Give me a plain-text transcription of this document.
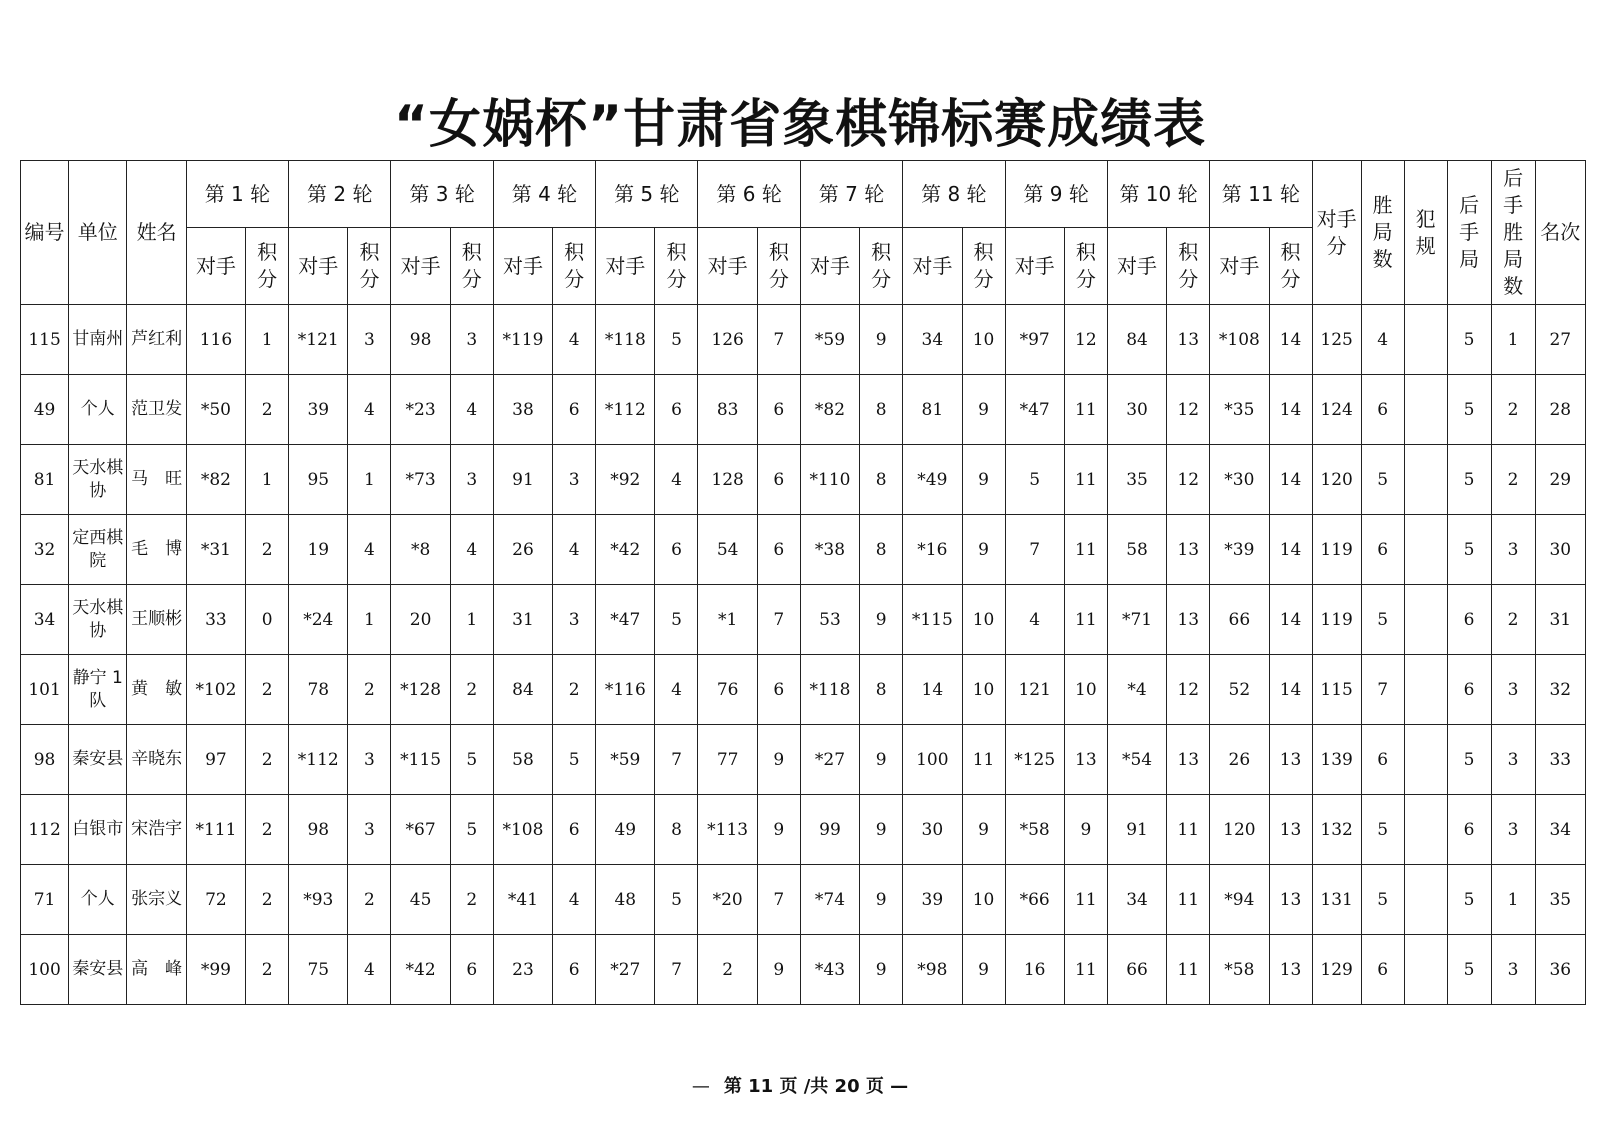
“女娲杯”甘肃省象棋锦标赛成绩表
编号	单位	姓名	第 1 轮		第 2 轮		第 3 轮		第 4 轮		第 5 轮		第 6 轮		第 7 轮		第 8 轮		第 9 轮		第 10 轮		第 11 轮		对手分	胜局数	犯规	后手局	后手胜局数	名次
			对手	积分	对手	积分	对手	积分	对手	积分	对手	积分	对手	积分	对手	积分	对手	积分	对手	积分	对手	积分	对手	积分						
115	甘南州	芦红利	116	1	*121	3	98	3	*119	4	*118	5	126	7	*59	9	34	10	*97	12	84	13	*108	14	125	4		5	1	27
49	个人	范卫发	*50	2	39	4	*23	4	38	6	*112	6	83	6	*82	8	81	9	*47	11	30	12	*35	14	124	6		5	2	28
81	天水棋协	马　旺	*82	1	95	1	*73	3	91	3	*92	4	128	6	*110	8	*49	9	5	11	35	12	*30	14	120	5		5	2	29
32	定西棋院	毛　博	*31	2	19	4	*8	4	26	4	*42	6	54	6	*38	8	*16	9	7	11	58	13	*39	14	119	6		5	3	30
34	天水棋协	王顺彬	33	0	*24	1	20	1	31	3	*47	5	*1	7	53	9	*115	10	4	11	*71	13	66	14	119	5		6	2	31
101	静宁 1 队	黄　敏	*102	2	78	2	*128	2	84	2	*116	4	76	6	*118	8	14	10	121	10	*4	12	52	14	115	7		6	3	32
98	秦安县	辛晓东	97	2	*112	3	*115	5	58	5	*59	7	77	9	*27	9	100	11	*125	13	*54	13	26	13	139	6		5	3	33
112	白银市	宋浩宇	*111	2	98	3	*67	5	*108	6	49	8	*113	9	99	9	30	9	*58	9	91	11	120	13	132	5		6	3	34
71	个人	张宗义	72	2	*93	2	45	2	*41	4	48	5	*20	7	*74	9	39	10	*66	11	34	11	*94	13	131	5		5	1	35
100	秦安县	高　峰	*99	2	75	4	*42	6	23	6	*27	7	2	9	*43	9	*98	9	16	11	66	11	*58	13	129	6		5	3	36
— 第 11 页 /共 20 页 —
